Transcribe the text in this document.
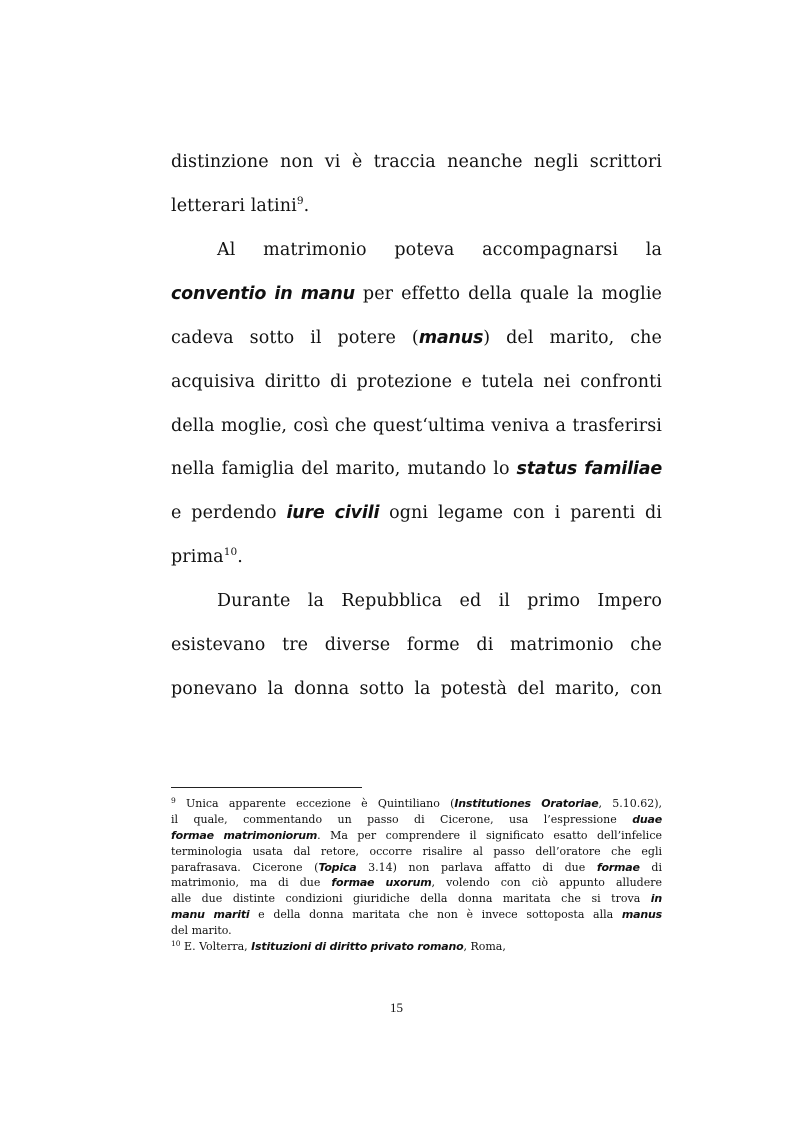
distinzione non vi è traccia neanche negli scrittori
letterari latini$^9$.
Al matrimonio poteva accompagnarsi la
conventio in manu per effetto della quale la moglie
cadeva sotto il potere (manus) del marito, che
acquisiva diritto di protezione e tutela nei confronti
della moglie, così che quest‘ultima veniva a trasferirsi
nella famiglia del marito, mutando lo status familiae
e perdendo iure civili ogni legame con i parenti di
prima$^{10}$.
Durante la Repubblica ed il primo Impero
esistevano tre diverse forme di matrimonio che
ponevano la donna sotto la potestà del marito, con
$^9$ Unica apparente eccezione è Quintiliano (Institutiones Oratoriae, 5.10.62),
il quale, commentando un passo di Cicerone, usa l’espressione duae
formae matrimoniorum. Ma per comprendere il significato esatto dell’infelice
terminologia usata dal retore, occorre risalire al passo dell’oratore che egli
parafrasava. Cicerone (Topica 3.14) non parlava affatto di due formae di
matrimonio, ma di due formae uxorum, volendo con ciò appunto alludere
alle due distinte condizioni giuridiche della donna maritata che si trova in
manu mariti e della donna maritata che non è invece sottoposta alla manus
del marito.
$^{10}$ E. Volterra, Istituzioni di diritto privato romano, Roma,
15
